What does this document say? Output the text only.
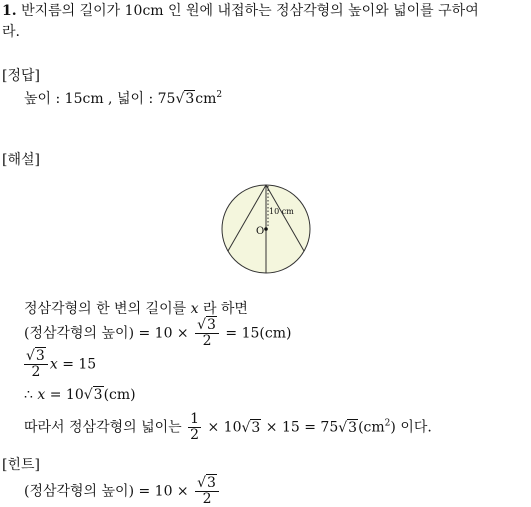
1. 반지름의 길이가 10cm 인 원에 내접하는 정삼각형의 높이와 넓이를 구하여
라.
[정답]
높이 : 15cm , 넓이 : $75√3cm^2$
[해설]
O
10 cm
정삼각형의 한 변의 길이를 x 라 하면
(정삼각형의 높이) = $10 \times \frac{√3}{2} = 15(cm)$
$\frac{√3}{2}$ x = 15
∴ x = 10√3(cm)
따라서 정삼각형의 넓이는 $\frac{1}{2} \times 10√3 \times 15 = 75√3(cm^2)$ 이다.
[힌트]
(정삼각형의 높이) = $10 \times \frac{√3}{2}$
